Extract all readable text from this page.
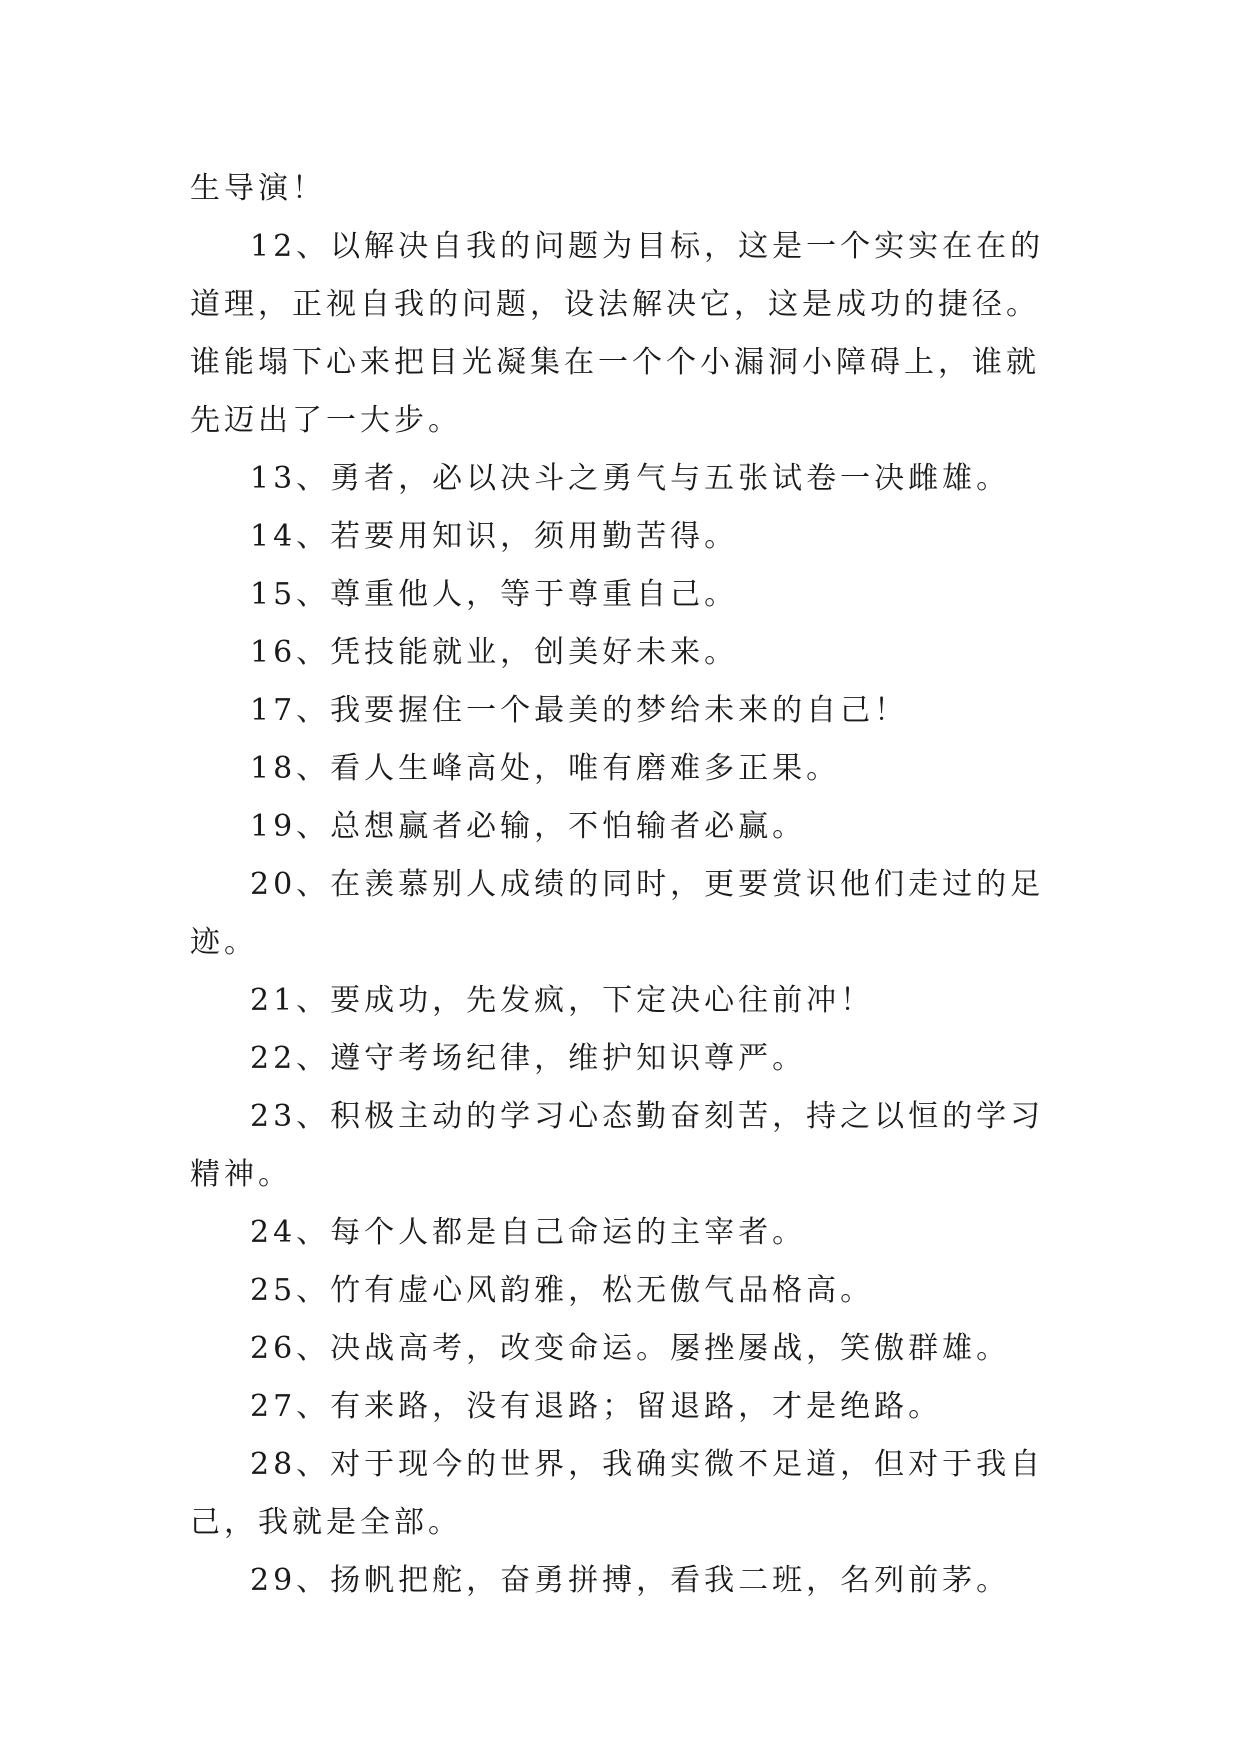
生导演！

12、以解决自我的问题为目标，这是一个实实在在的道理，正视自我的问题，设法解决它，这是成功的捷径。谁能塌下心来把目光凝集在一个个小漏洞小障碍上，谁就先迈出了一大步。

13、勇者，必以决斗之勇气与五张试卷一决雌雄。

14、若要用知识，须用勤苦得。

15、尊重他人，等于尊重自己。

16、凭技能就业，创美好未来。

17、我要握住一个最美的梦给未来的自己！

18、看人生峰高处，唯有磨难多正果。

19、总想赢者必输，不怕输者必赢。

20、在羡慕别人成绩的同时，更要赏识他们走过的足迹。

21、要成功，先发疯，下定决心往前冲！

22、遵守考场纪律，维护知识尊严。

23、积极主动的学习心态勤奋刻苦，持之以恒的学习精神。

24、每个人都是自己命运的主宰者。

25、竹有虚心风韵雅，松无傲气品格高。

26、决战高考，改变命运。屡挫屡战，笑傲群雄。

27、有来路，没有退路；留退路，才是绝路。

28、对于现今的世界，我确实微不足道，但对于我自己，我就是全部。

29、扬帆把舵，奋勇拼搏，看我二班，名列前茅。
